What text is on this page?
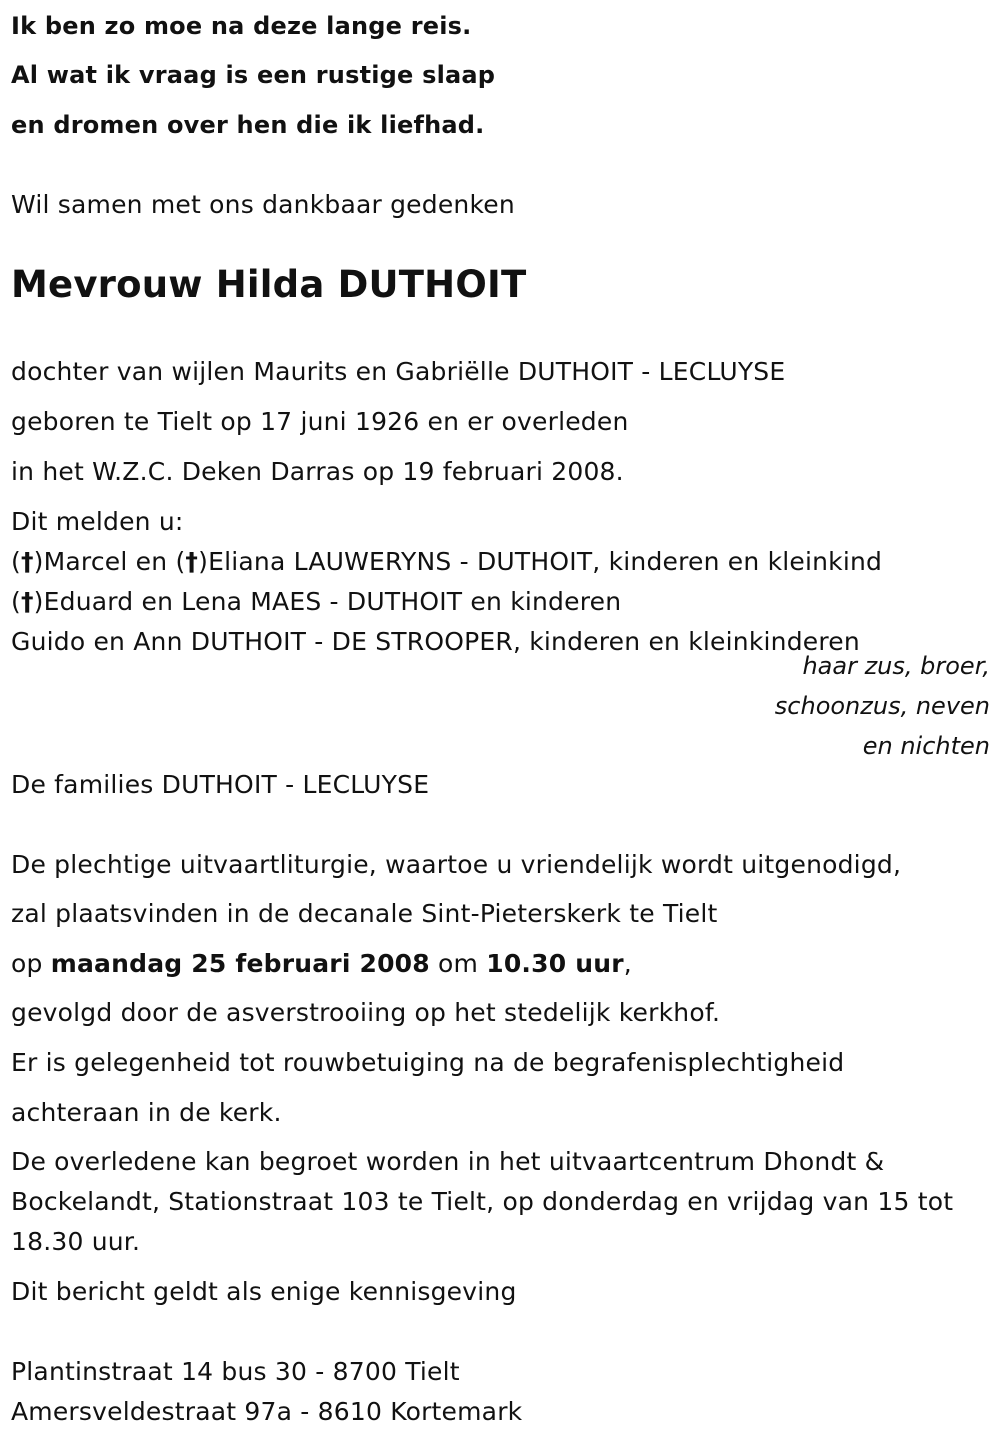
Ik ben zo moe na deze lange reis.
Al wat ik vraag is een rustige slaap
en dromen over hen die ik liefhad.
Wil samen met ons dankbaar gedenken
Mevrouw Hilda DUTHOIT
dochter van wijlen Maurits en Gabriëlle DUTHOIT - LECLUYSE
geboren te Tielt op 17 juni 1926 en er overleden
in het W.Z.C. Deken Darras op 19 februari 2008.
Dit melden u:
(†)Marcel en (†)Eliana LAUWERYNS - DUTHOIT, kinderen en kleinkind
(†)Eduard en Lena MAES - DUTHOIT en kinderen
Guido en Ann DUTHOIT - DE STROOPER, kinderen en kleinkinderen
haar zus, broer,
schoonzus, neven
en nichten
De families DUTHOIT - LECLUYSE
De plechtige uitvaartliturgie, waartoe u vriendelijk wordt uitgenodigd,
zal plaatsvinden in de decanale Sint-Pieterskerk te Tielt
op maandag 25 februari 2008 om 10.30 uur,
gevolgd door de asverstrooiing op het stedelijk kerkhof.
Er is gelegenheid tot rouwbetuiging na de begrafenisplechtigheid
achteraan in de kerk.
De overledene kan begroet worden in het uitvaartcentrum Dhondt &
Bockelandt, Stationstraat 103 te Tielt, op donderdag en vrijdag van 15 tot
18.30 uur.
Dit bericht geldt als enige kennisgeving
Plantinstraat 14 bus 30 - 8700 Tielt
Amersveldestraat 97a - 8610 Kortemark
